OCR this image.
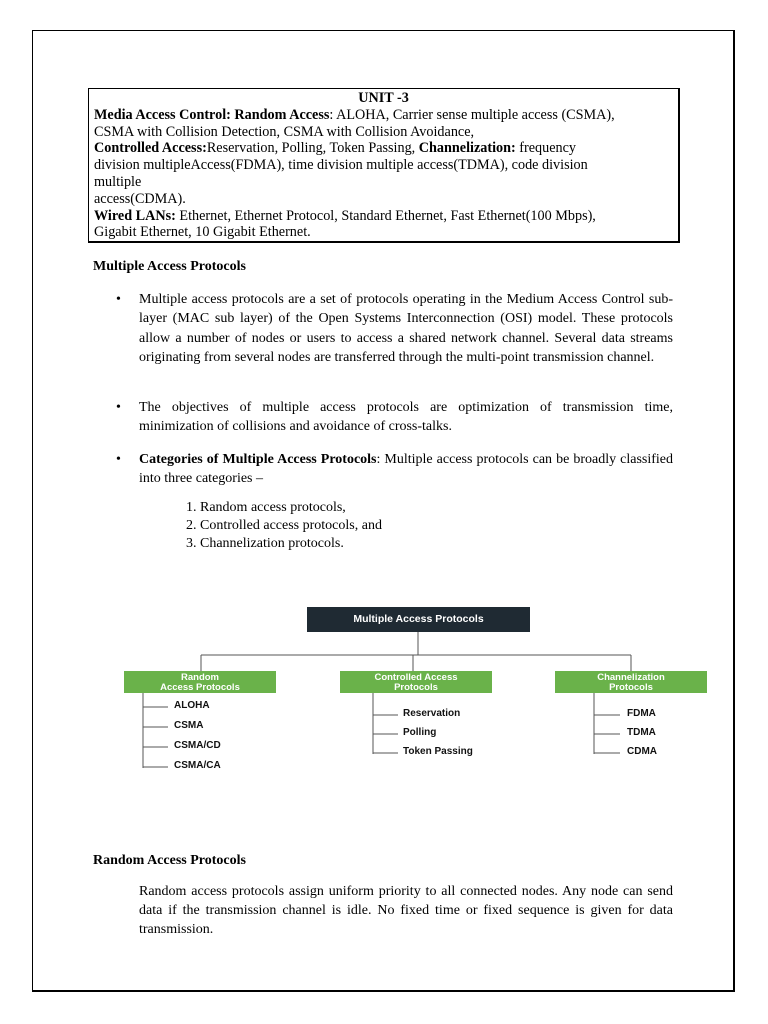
UNIT -3
Media Access Control: Random Access: ALOHA, Carrier sense multiple access (CSMA),
CSMA with Collision Detection, CSMA with Collision Avoidance,
Controlled Access:Reservation, Polling, Token Passing, Channelization: frequency
division multipleAccess(FDMA), time division multiple access(TDMA), code division
multiple
access(CDMA).
Wired LANs: Ethernet, Ethernet Protocol, Standard Ethernet, Fast Ethernet(100 Mbps),
Gigabit Ethernet, 10 Gigabit Ethernet.
Multiple Access Protocols
• Multiple access protocols are a set of protocols operating in the Medium Access Control sub-layer (MAC sub layer) of the Open Systems Interconnection (OSI) model. These protocols allow a number of nodes or users to access a shared network channel. Several data streams originating from several nodes are transferred through the multi-point transmission channel.
• The objectives of multiple access protocols are optimization of transmission time, minimization of collisions and avoidance of cross-talks.
• Categories of Multiple Access Protocols: Multiple access protocols can be broadly classified into three categories –
1. Random access protocols,
2. Controlled access protocols, and
3. Channelization protocols.
Multiple Access Protocols
Random
Access Protocols
Controlled Access
Protocols
Channelization
Protocols
ALOHA
CSMA
CSMA/CD
CSMA/CA
Reservation
Polling
Token Passing
FDMA
TDMA
CDMA
Random Access Protocols
Random access protocols assign uniform priority to all connected nodes. Any node can send data if the transmission channel is idle. No fixed time or fixed sequence is given for data transmission.
